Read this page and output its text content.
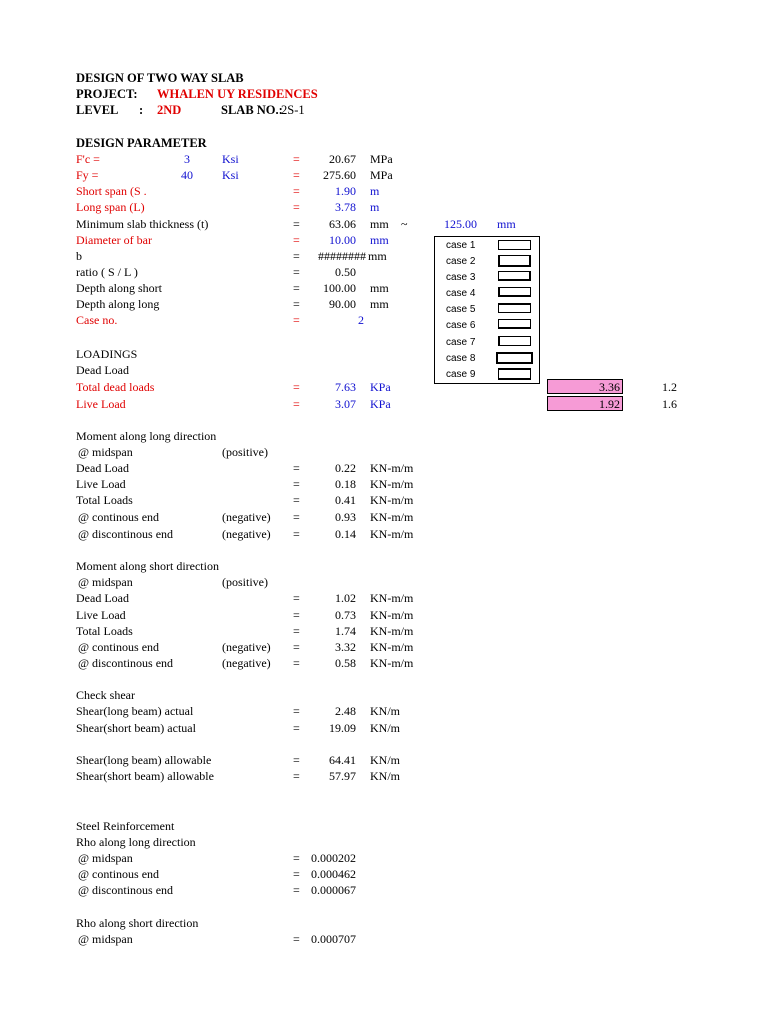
DESIGN OF TWO WAY SLAB
PROJECT: WHALEN UY RESIDENCES
LEVEL : 2ND	SLAB NO.:
2S-1
DESIGN PARAMETER
F'c =	3	Ksi	=	20.67 MPa
Fy =	40 Ksi	=	275.60 MPa
Short span (S .	=	1.90 m
Long span (L)	=	3.78 m
Minimum slab thickness (t)	=	63.06 mm ~	125.00 mm
Diameter of bar	=	10.00 mm
b	=	######## mm
ratio ( S / L )	=	0.50
Depth along short	=	100.00 mm
Depth along long	=	90.00 mm
Case no.	=	2
case 1
case 2
case 3
case 4
case 5
case 6
case 7
case 8
case 9
LOADINGS
Dead Load
Total dead loads	=	7.63 KPa	3.36	1.2
Live Load	=	3.07 KPa	1.92	1.6
Moment along long direction
@ midspan	(positive)
Dead Load	=	0.22 KN-m/m
Live Load	=	0.18 KN-m/m
Total Loads	=	0.41 KN-m/m
@ continous end	(negative) =	0.93 KN-m/m
@ discontinous end	(negative) =	0.14 KN-m/m
Moment along short direction
@ midspan	(positive)
Dead Load	=	1.02 KN-m/m
Live Load	=	0.73 KN-m/m
Total Loads	=	1.74 KN-m/m
@ continous end	(negative) =	3.32 KN-m/m
@ discontinous end	(negative) =	0.58 KN-m/m
Check shear
Shear(long beam) actual	=	2.48 KN/m
Shear(short beam) actual	=	19.09 KN/m
Shear(long beam) allowable	=	64.41 KN/m
Shear(short beam) allowable	=	57.97 KN/m
Steel Reinforcement
Rho along long direction
@ midspan	= 0.000202
@ continous end	= 0.000462
@ discontinous end	= 0.000067
Rho along short direction
@ midspan	= 0.000707
